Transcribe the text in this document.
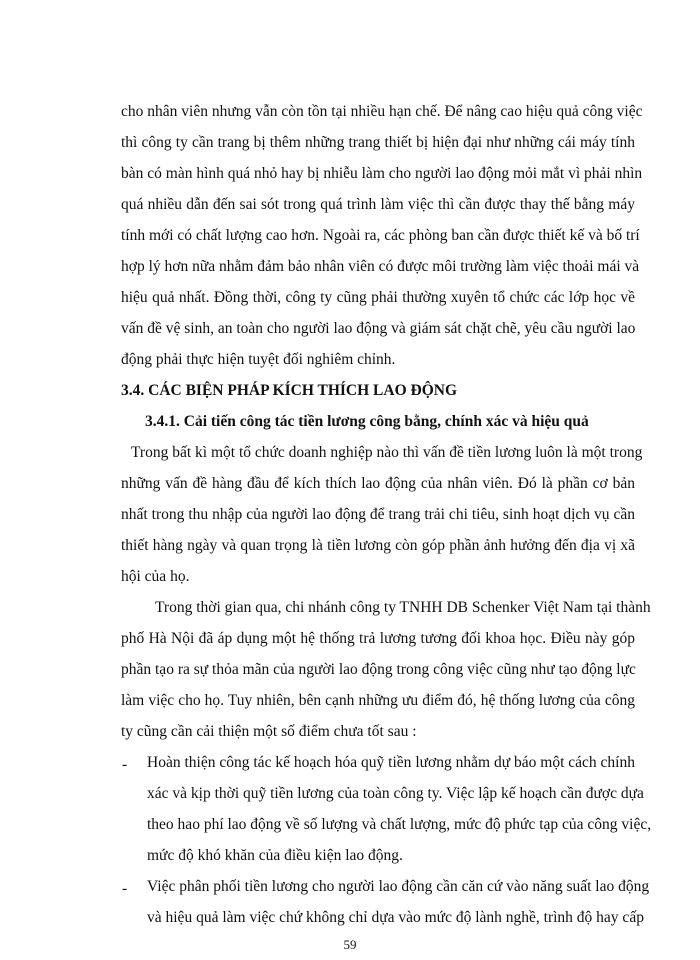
cho nhân viên nhưng vẫn còn tồn tại nhiều hạn chế. Để nâng cao hiệu quả công việc
thì công ty cần trang bị thêm những trang thiết bị hiện đại như những cái máy tính
bàn có màn hình quá nhỏ hay bị nhiễu làm cho người lao động mỏi mắt vì phải nhìn
quá nhiều dẫn đến sai sót trong quá trình làm việc thì cần được thay thế bằng máy
tính mới có chất lượng cao hơn. Ngoài ra, các phòng ban cần được thiết kế và bố trí
hợp lý hơn nữa nhằm đảm bảo nhân viên có được môi trường làm việc thoải mái và
hiệu quả nhất. Đồng thời, công ty cũng phải thường xuyên tổ chức các lớp học về
vấn đề vệ sinh, an toàn cho người lao động và giám sát chặt chẽ, yêu cầu người lao
động phải thực hiện tuyệt đối nghiêm chỉnh.
3.4. CÁC BIỆN PHÁP KÍCH THÍCH LAO ĐỘNG
3.4.1. Cải tiến công tác tiền lương công bằng, chính xác và hiệu quả
Trong bất kì một tổ chức doanh nghiệp nào thì vấn đề tiền lương luôn là một trong
những vấn đề hàng đầu để kích thích lao động của nhân viên. Đó là phần cơ bản
nhất trong thu nhập của người lao động để trang trải chi tiêu, sinh hoạt dịch vụ cần
thiết hàng ngày và quan trọng là tiền lương còn góp phần ảnh hưởng đến địa vị xã
hội của họ.
Trong thời gian qua, chi nhánh công ty TNHH DB Schenker Việt Nam tại thành
phố Hà Nội đã áp dụng một hệ thống trả lương tương đối khoa học. Điều này góp
phần tạo ra sự thỏa mãn của người lao động trong công việc cũng như tạo động lực
làm việc cho họ. Tuy nhiên, bên cạnh những ưu điểm đó, hệ thống lương của công
ty cũng cần cải thiện một số điểm chưa tốt sau :
- Hoàn thiện công tác kế hoạch hóa quỹ tiền lương nhằm dự báo một cách chính
xác và kịp thời quỹ tiền lương của toàn công ty. Việc lập kế hoạch cần được dựa
theo hao phí lao động về số lượng và chất lượng, mức độ phức tạp của công việc,
mức độ khó khăn của điều kiện lao động.
- Việc phân phối tiền lương cho người lao động cần căn cứ vào năng suất lao động
và hiệu quả làm việc chứ không chỉ dựa vào mức độ lành nghề, trình độ hay cấp
59
